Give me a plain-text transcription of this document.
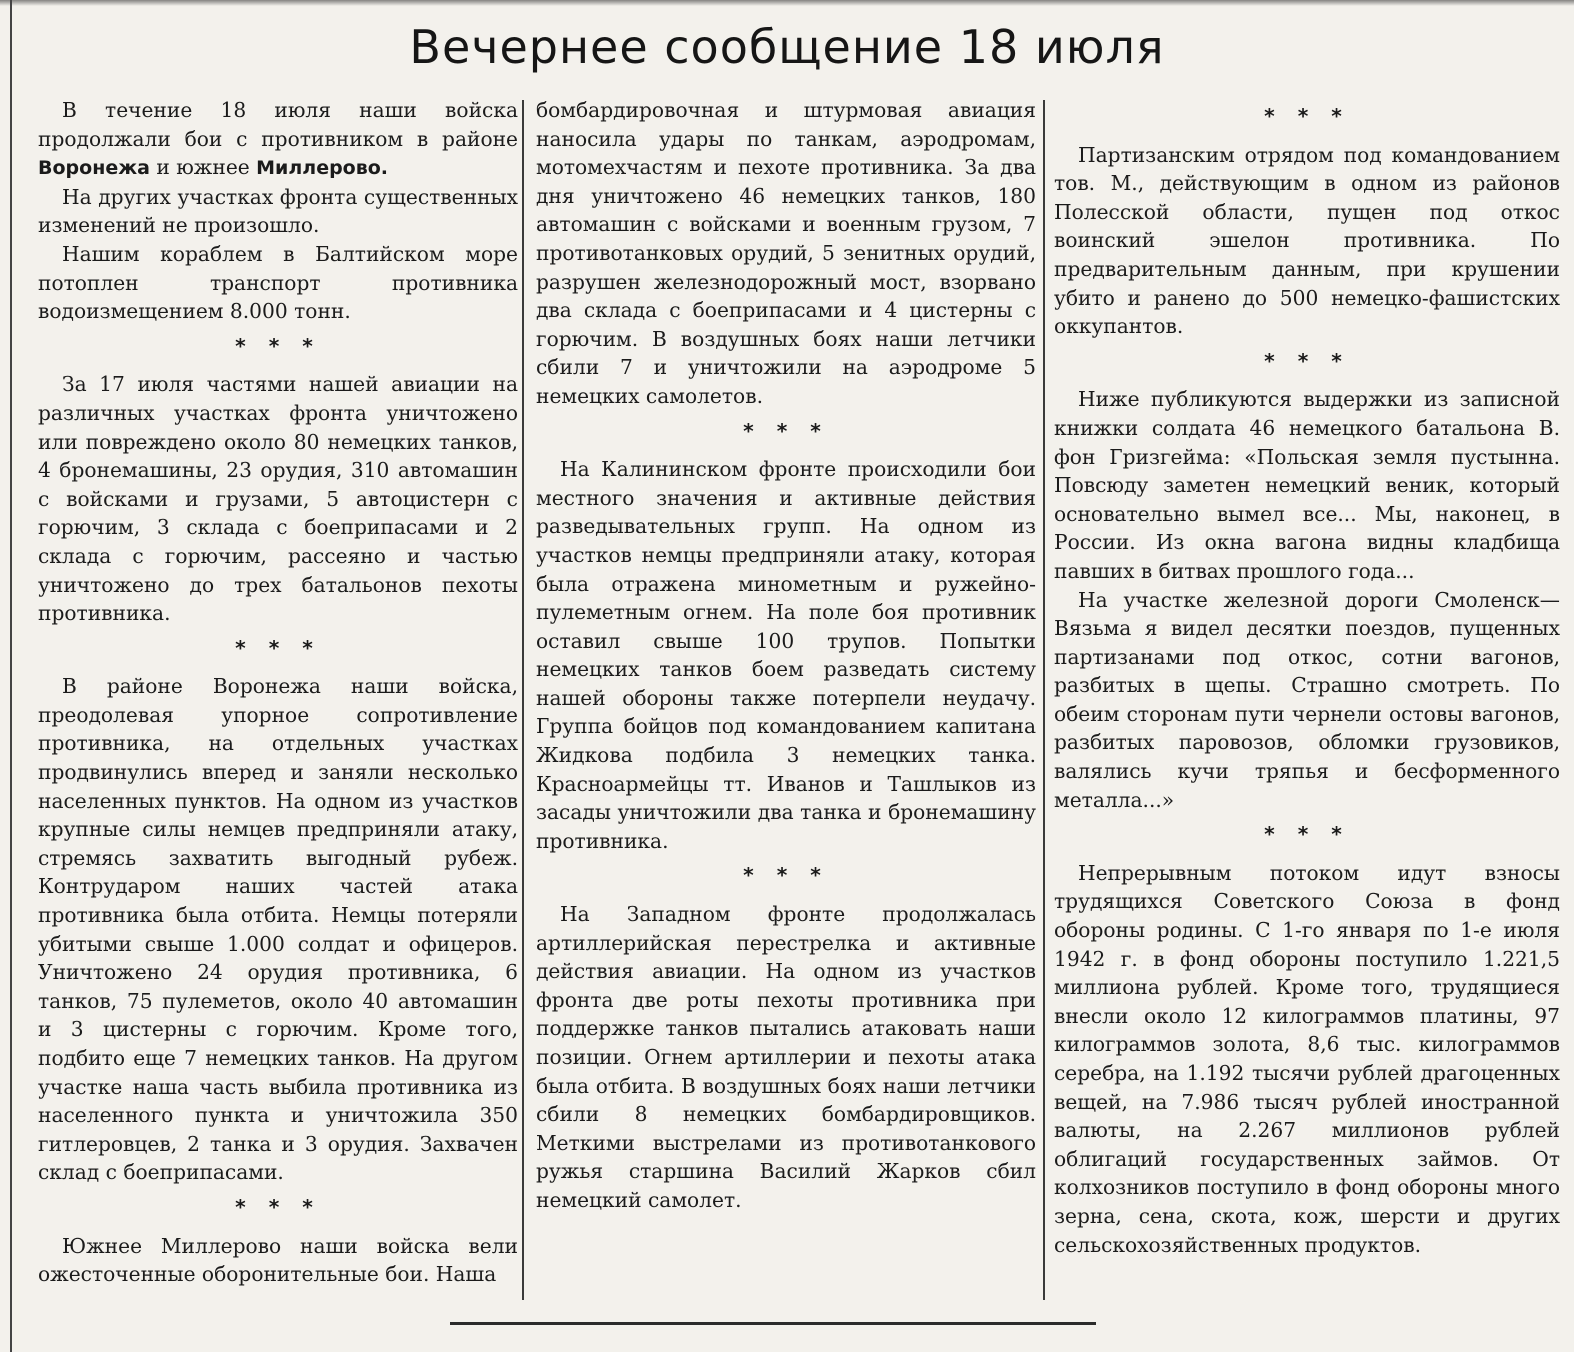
Вечернее сообщение 18 июля

В течение 18 июля наши войска продолжали бои с противником в районе Воронежа и южнее Миллерово.

На других участках фронта существенных изменений не произошло.

Нашим кораблем в Балтийском море потоплен транспорт противника водоизмещением 8.000 тонн.

* * *

За 17 июля частями нашей авиации на различных участках фронта уничтожено или повреждено около 80 немецких танков, 4 бронемашины, 23 орудия, 310 автомашин с войсками и грузами, 5 автоцистерн с горючим, 3 склада с боеприпасами и 2 склада с горючим, рассеяно и частью уничтожено до трех батальонов пехоты противника.

* * *

В районе Воронежа наши войска, преодолевая упорное сопротивление противника, на отдельных участках продвинулись вперед и заняли несколько населенных пунктов. На одном из участков крупные силы немцев предприняли атаку, стремясь захватить выгодный рубеж. Контрударом наших частей атака противника была отбита. Немцы потеряли убитыми свыше 1.000 солдат и офицеров. Уничтожено 24 орудия противника, 6 танков, 75 пулеметов, около 40 автомашин и 3 цистерны с горючим. Кроме того, подбито еще 7 немецких танков. На другом участке наша часть выбила противника из населенного пункта и уничтожила 350 гитлеровцев, 2 танка и 3 орудия. Захвачен склад с боеприпасами.

* * *

Южнее Миллерово наши войска вели ожесточенные оборонительные бои. Наша

бомбардировочная и штурмовая авиация наносила удары по танкам, аэродромам, мотомехчастям и пехоте противника. За два дня уничтожено 46 немецких танков, 180 автомашин с войсками и военным грузом, 7 противотанковых орудий, 5 зенитных орудий, разрушен железнодорожный мост, взорвано два склада с боеприпасами и 4 цистерны с горючим. В воздушных боях наши летчики сбили 7 и уничтожили на аэродроме 5 немецких самолетов.

* * *

На Калининском фронте происходили бои местного значения и активные действия разведывательных групп. На одном из участков немцы предприняли атаку, которая была отражена минометным и ружейно-пулеметным огнем. На поле боя противник оставил свыше 100 трупов. Попытки немецких танков боем разведать систему нашей обороны также потерпели неудачу. Группа бойцов под командованием капитана Жидкова подбила 3 немецких танка. Красноармейцы тт. Иванов и Ташлыков из засады уничтожили два танка и бронемашину противника.

* * *

На Западном фронте продолжалась артиллерийская перестрелка и активные действия авиации. На одном из участков фронта две роты пехоты противника при поддержке танков пытались атаковать наши позиции. Огнем артиллерии и пехоты атака была отбита. В воздушных боях наши летчики сбили 8 немецких бомбардировщиков. Меткими выстрелами из противотанкового ружья старшина Василий Жарков сбил немецкий самолет.

* * *

Партизанским отрядом под командованием тов. М., действующим в одном из районов Полесской области, пущен под откос воинский эшелон противника. По предварительным данным, при крушении убито и ранено до 500 немецко-фашистских оккупантов.

* * *

Ниже публикуются выдержки из записной книжки солдата 46 немецкого батальона В. фон Гризгейма: «Польская земля пустынна. Повсюду заметен немецкий веник, который основательно вымел все... Мы, наконец, в России. Из окна вагона видны кладбища павших в битвах прошлого года...

На участке железной дороги Смоленск—Вязьма я видел десятки поездов, пущенных партизанами под откос, сотни вагонов, разбитых в щепы. Страшно смотреть. По обеим сторонам пути чернели остовы вагонов, разбитых паровозов, обломки грузовиков, валялись кучи тряпья и бесформенного металла...»

* * *

Непрерывным потоком идут взносы трудящихся Советского Союза в фонд обороны родины. С 1-го января по 1-е июля 1942 г. в фонд обороны поступило 1.221,5 миллиона рублей. Кроме того, трудящиеся внесли около 12 килограммов платины, 97 килограммов золота, 8,6 тыс. килограммов серебра, на 1.192 тысячи рублей драгоценных вещей, на 7.986 тысяч рублей иностранной валюты, на 2.267 миллионов рублей облигаций государственных займов. От колхозников поступило в фонд обороны много зерна, сена, скота, кож, шерсти и других сельскохозяйственных продуктов.
